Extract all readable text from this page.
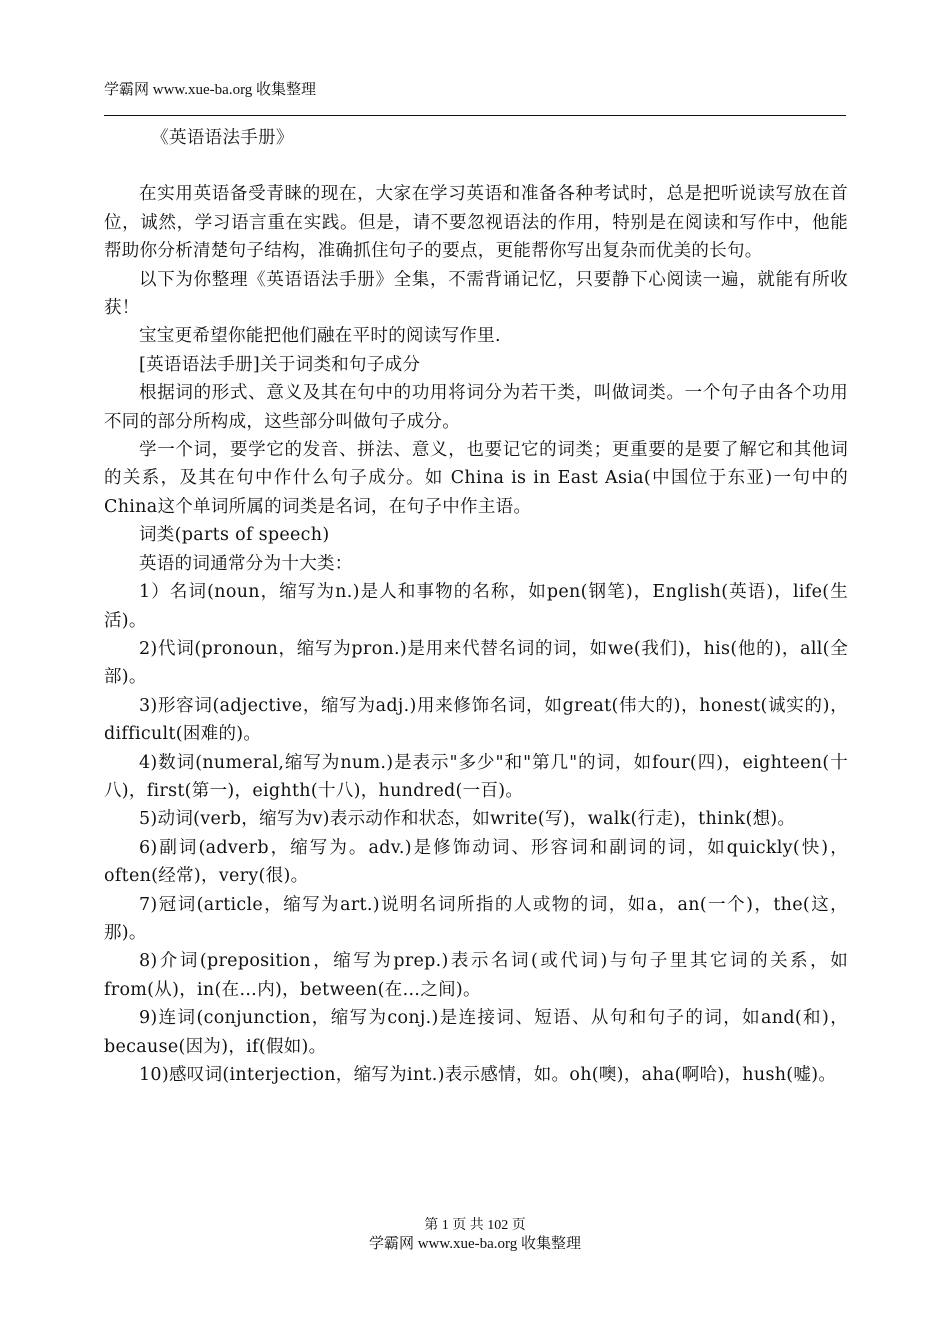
学霸网 www.xue-ba.org 收集整理

《英语语法手册》

在实用英语备受青睐的现在，大家在学习英语和准备各种考试时，总是把听说读写放在首位，诚然，学习语言重在实践。但是，请不要忽视语法的作用，特别是在阅读和写作中，他能帮助你分析清楚句子结构，准确抓住句子的要点，更能帮你写出复杂而优美的长句。

以下为你整理《英语语法手册》全集，不需背诵记忆，只要静下心阅读一遍，就能有所收获！

宝宝更希望你能把他们融在平时的阅读写作里.

[英语语法手册]关于词类和句子成分

根据词的形式、意义及其在句中的功用将词分为若干类，叫做词类。一个句子由各个功用不同的部分所构成，这些部分叫做句子成分。

学一个词，要学它的发音、拼法、意义，也要记它的词类；更重要的是要了解它和其他词的关系，及其在句中作什么句子成分。如 China is in East Asia(中国位于东亚)一句中的China这个单词所属的词类是名词，在句子中作主语。

词类(parts of speech)

英语的词通常分为十大类：

1）名词(noun，缩写为n.)是人和事物的名称，如pen(钢笔)，English(英语)，life(生活)。

2)代词(pronoun，缩写为pron.)是用来代替名词的词，如we(我们)，his(他的)，all(全部)。

3)形容词(adjective，缩写为adj.)用来修饰名词，如great(伟大的)，honest(诚实的)，difficult(困难的)。

4)数词(numeral,缩写为num.)是表示"多少"和"第几"的词，如four(四)，eighteen(十八)，first(第一)，eighth(十八)，hundred(一百)。

5)动词(verb，缩写为v)表示动作和状态，如write(写)，walk(行走)，think(想)。

6)副词(adverb，缩写为。adv.)是修饰动词、形容词和副词的词，如quickly(快)，often(经常)，very(很)。

7)冠词(article，缩写为art.)说明名词所指的人或物的词，如a，an(一个)，the(这，那)。

8)介词(preposition，缩写为prep.)表示名词(或代词)与句子里其它词的关系，如from(从)，in(在…内)，between(在…之间)。

9)连词(conjunction，缩写为conj.)是连接词、短语、从句和句子的词，如and(和)，because(因为)，if(假如)。

10)感叹词(interjection，缩写为int.)表示感情，如。oh(噢)，aha(啊哈)，hush(嘘)。

第 1 页 共 102 页
学霸网 www.xue-ba.org 收集整理
